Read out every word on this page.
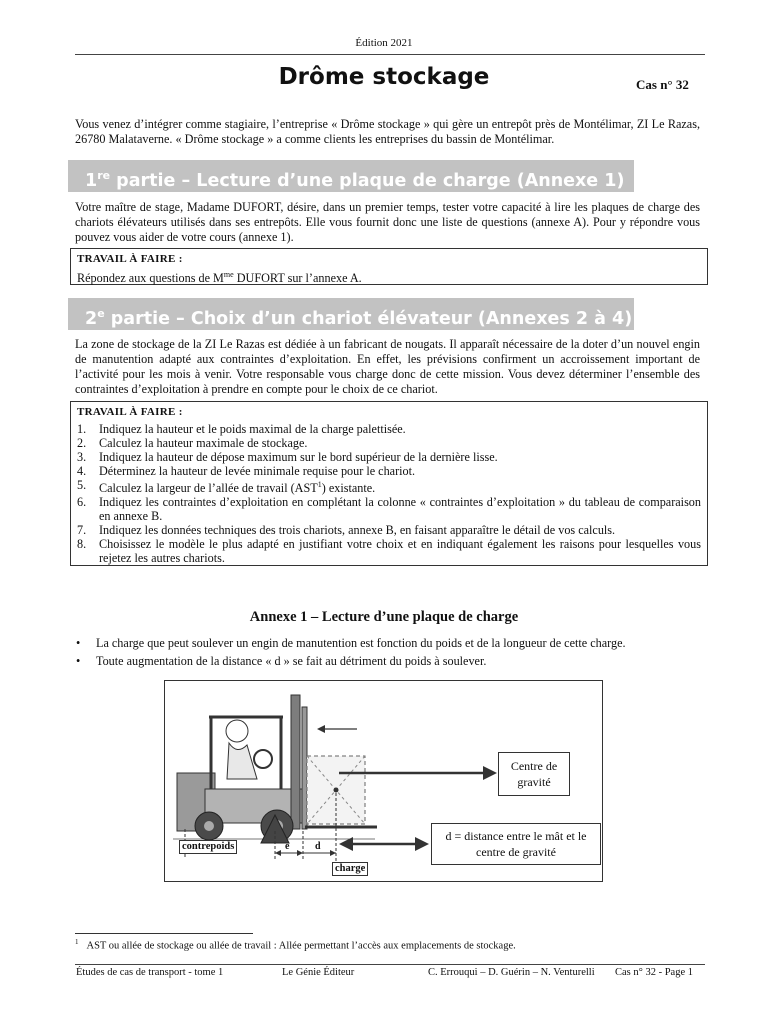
Édition 2021
Drôme stockage	Cas n° 32
Vous venez d’intégrer comme stagiaire, l’entreprise « Drôme stockage » qui gère un entrepôt près de Montélimar, ZI Le Razas, 26780 Malataverne. « Drôme stockage » a comme clients les entreprises du bassin de Montélimar.
1re partie – Lecture d’une plaque de charge (Annexe 1)
Votre maître de stage, Madame DUFORT, désire, dans un premier temps, tester votre capacité à lire les plaques de charge des chariots élévateurs utilisés dans ses entrepôts. Elle vous fournit donc une liste de questions (annexe A). Pour y répondre vous pouvez vous aider de votre cours (annexe 1).
TRAVAIL À FAIRE :
Répondez aux questions de $M^{me}$ DUFORT sur l’annexe A.
2e partie – Choix d’un chariot élévateur (Annexes 2 à 4)
La zone de stockage de la ZI Le Razas est dédiée à un fabricant de nougats. Il apparaît nécessaire de la doter d’un nouvel engin de manutention adapté aux contraintes d’exploitation. En effet, les prévisions confirment un accroissement important de l’activité pour les mois à venir. Votre responsable vous charge donc de cette mission. Vous devez déterminer l’ensemble des contraintes d’exploitation à prendre en compte pour le choix de ce chariot.
TRAVAIL À FAIRE :
1. Indiquez la hauteur et le poids maximal de la charge palettisée.
2. Calculez la hauteur maximale de stockage.
3. Indiquez la hauteur de dépose maximum sur le bord supérieur de la dernière lisse.
4. Déterminez la hauteur de levée minimale requise pour le chariot.
5. Calculez la largeur de l’allée de travail (AST$^1$) existante.
6. Indiquez les contraintes d’exploitation en complétant la colonne « contraintes d’exploitation » du tableau de comparaison en annexe B.
7. Indiquez les données techniques des trois chariots, annexe B, en faisant apparaître le détail de vos calculs.
8. Choisissez le modèle le plus adapté en justifiant votre choix et en indiquant également les raisons pour lesquelles vous rejetez les autres chariots.
Annexe 1 – Lecture d’une plaque de charge
• La charge que peut soulever un engin de manutention est fonction du poids et de la longueur de cette charge.
• Toute augmentation de la distance « d » se fait au détriment du poids à soulever.
Centre de gravité
d = distance entre le mât et le centre de gravité
contrepoids	e	d
charge
$^1$ AST ou allée de stockage ou allée de travail : Allée permettant l’accès aux emplacements de stockage.
Études de cas de transport - tome 1	Le Génie Éditeur	C. Errouqui – D. Guérin – N. Venturelli Cas n° 32 - Page 1
